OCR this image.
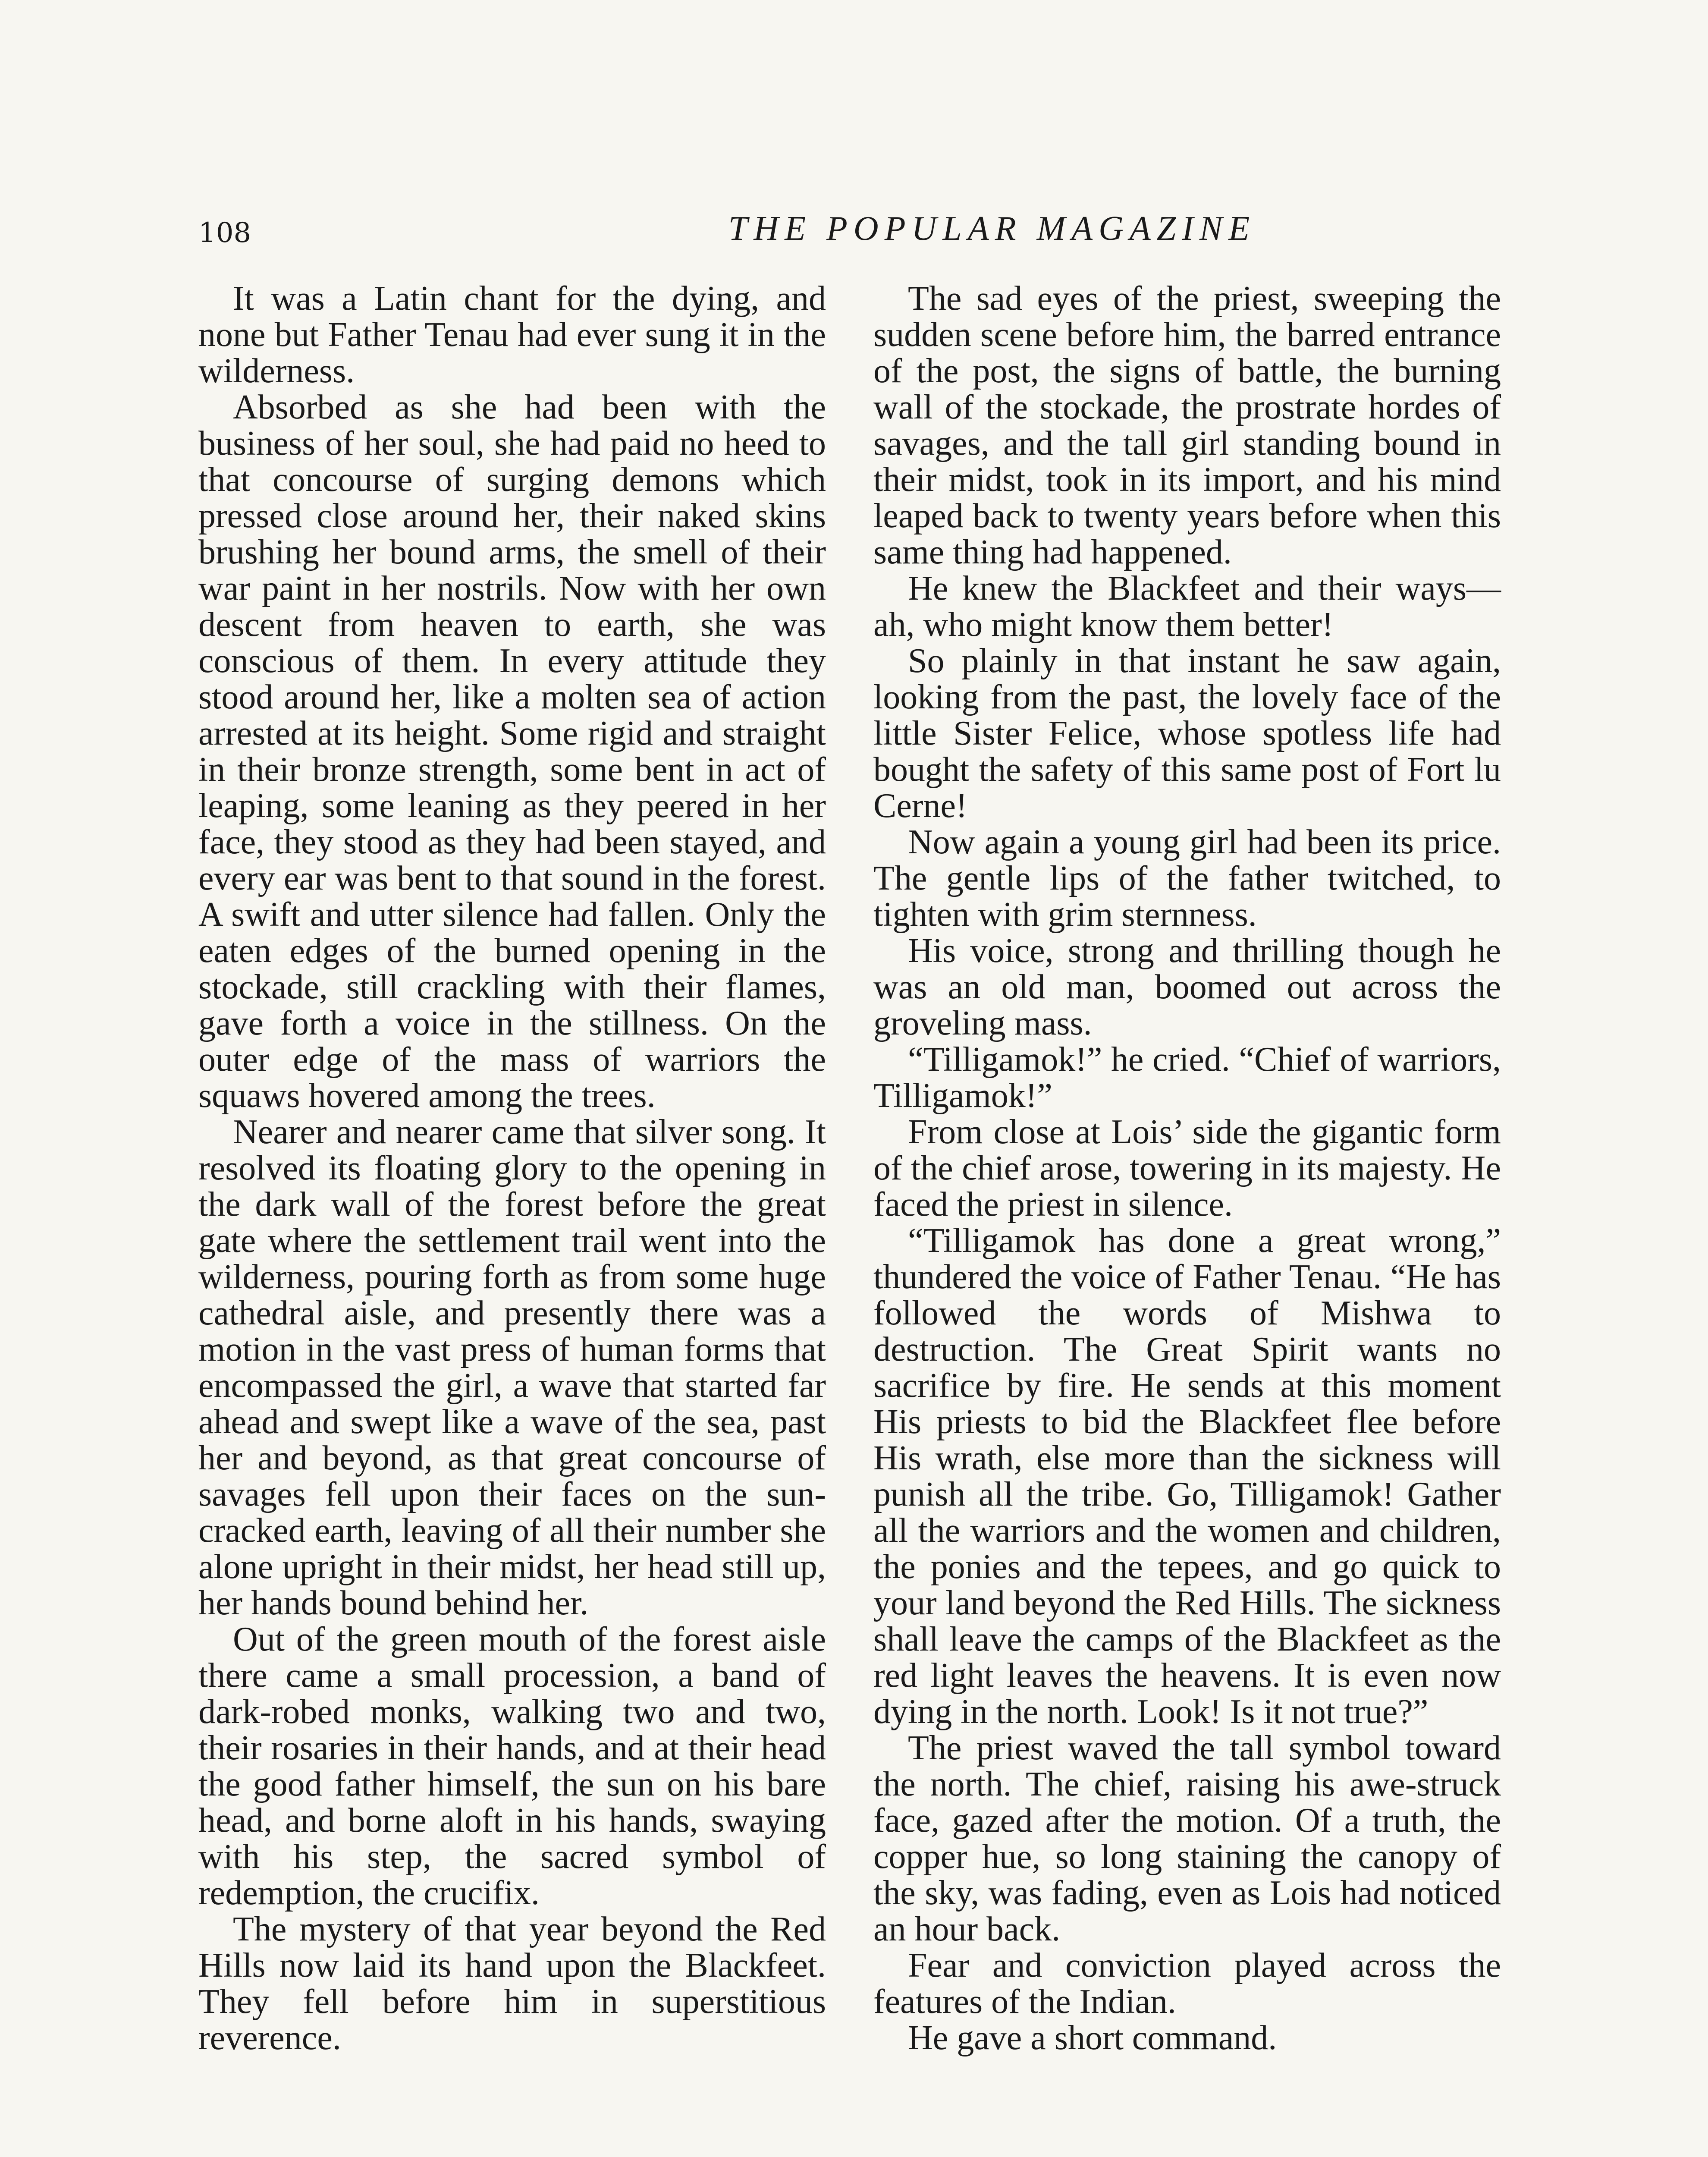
108	THE POPULAR MAGAZINE

It was a Latin chant for the dying, and none but Father Tenau had ever sung it in the wilderness.

Absorbed as she had been with the business of her soul, she had paid no heed to that concourse of surging demons which pressed close around her, their naked skins brushing her bound arms, the smell of their war paint in her nostrils. Now with her own descent from heaven to earth, she was conscious of them. In every attitude they stood around her, like a molten sea of action arrested at its height. Some rigid and straight in their bronze strength, some bent in act of leaping, some leaning as they peered in her face, they stood as they had been stayed, and every ear was bent to that sound in the forest. A swift and utter silence had fallen. Only the eaten edges of the burned opening in the stockade, still crackling with their flames, gave forth a voice in the stillness. On the outer edge of the mass of warriors the squaws hovered among the trees.

Nearer and nearer came that silver song. It resolved its floating glory to the opening in the dark wall of the forest before the great gate where the settlement trail went into the wilderness, pouring forth as from some huge cathedral aisle, and presently there was a motion in the vast press of human forms that encompassed the girl, a wave that started far ahead and swept like a wave of the sea, past her and beyond, as that great concourse of savages fell upon their faces on the sun-cracked earth, leaving of all their number she alone upright in their midst, her head still up, her hands bound behind her.

Out of the green mouth of the forest aisle there came a small procession, a band of dark-robed monks, walking two and two, their rosaries in their hands, and at their head the good father himself, the sun on his bare head, and borne aloft in his hands, swaying with his step, the sacred symbol of redemption, the crucifix.

The mystery of that year beyond the Red Hills now laid its hand upon the Blackfeet. They fell before him in superstitious reverence.

The sad eyes of the priest, sweeping the sudden scene before him, the barred entrance of the post, the signs of battle, the burning wall of the stockade, the prostrate hordes of savages, and the tall girl standing bound in their midst, took in its import, and his mind leaped back to twenty years before when this same thing had happened.

He knew the Blackfeet and their ways—ah, who might know them better!

So plainly in that instant he saw again, looking from the past, the lovely face of the little Sister Felice, whose spotless life had bought the safety of this same post of Fort lu Cerne!

Now again a young girl had been its price. The gentle lips of the father twitched, to tighten with grim sternness.

His voice, strong and thrilling though he was an old man, boomed out across the groveling mass.

“Tilligamok!” he cried. “Chief of warriors, Tilligamok!”

From close at Lois’ side the gigantic form of the chief arose, towering in its majesty. He faced the priest in silence.

“Tilligamok has done a great wrong,” thundered the voice of Father Tenau. “He has followed the words of Mishwa to destruction. The Great Spirit wants no sacrifice by fire. He sends at this moment His priests to bid the Blackfeet flee before His wrath, else more than the sickness will punish all the tribe. Go, Tilligamok! Gather all the warriors and the women and children, the ponies and the tepees, and go quick to your land beyond the Red Hills. The sickness shall leave the camps of the Blackfeet as the red light leaves the heavens. It is even now dying in the north. Look! Is it not true?”

The priest waved the tall symbol toward the north. The chief, raising his awe-struck face, gazed after the motion. Of a truth, the copper hue, so long staining the canopy of the sky, was fading, even as Lois had noticed an hour back.

Fear and conviction played across the features of the Indian.

He gave a short command.
